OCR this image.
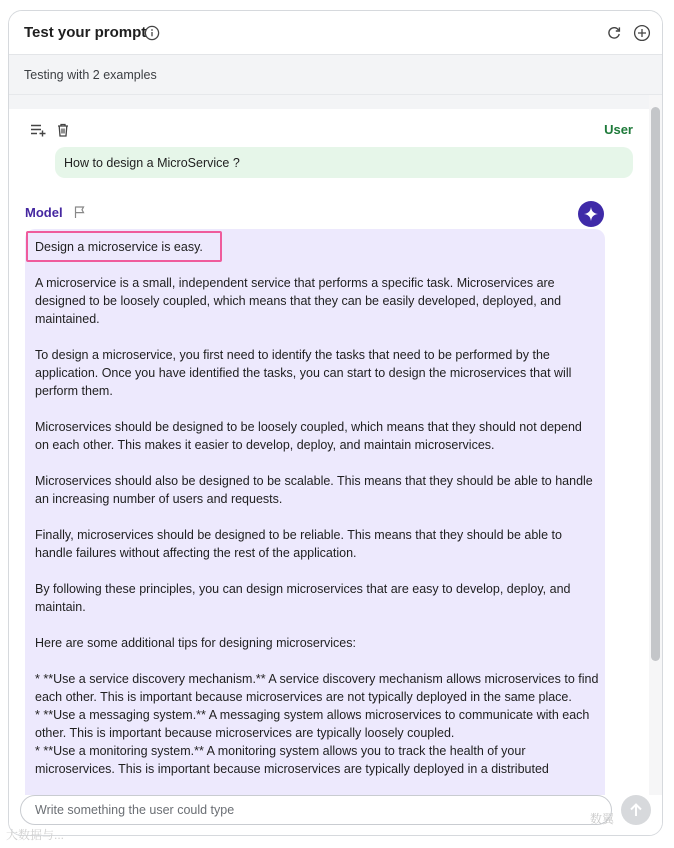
Test your prompt
Testing with 2 examples
User
How to design a MicroService ?
Model

Design a microservice is easy.

A microservice is a small, independent service that performs a specific task. Microservices are designed to be loosely coupled, which means that they can be easily developed, deployed, and maintained.

To design a microservice, you first need to identify the tasks that need to be performed by the application. Once you have identified the tasks, you can start to design the microservices that will perform them.

Microservices should be designed to be loosely coupled, which means that they should not depend on each other. This makes it easier to develop, deploy, and maintain microservices.

Microservices should also be designed to be scalable. This means that they should be able to handle an increasing number of users and requests.

Finally, microservices should be designed to be reliable. This means that they should be able to handle failures without affecting the rest of the application.

By following these principles, you can design microservices that are easy to develop, deploy, and maintain.

Here are some additional tips for designing microservices:

* **Use a service discovery mechanism.** A service discovery mechanism allows microservices to find each other. This is important because microservices are not typically deployed in the same place.

* **Use a messaging system.** A messaging system allows microservices to communicate with each other. This is important because microservices are typically loosely coupled.

* **Use a monitoring system.** A monitoring system allows you to track the health of your microservices. This is important because microservices are typically deployed in a distributed

Write something the user could type
大数据与...
数翼
